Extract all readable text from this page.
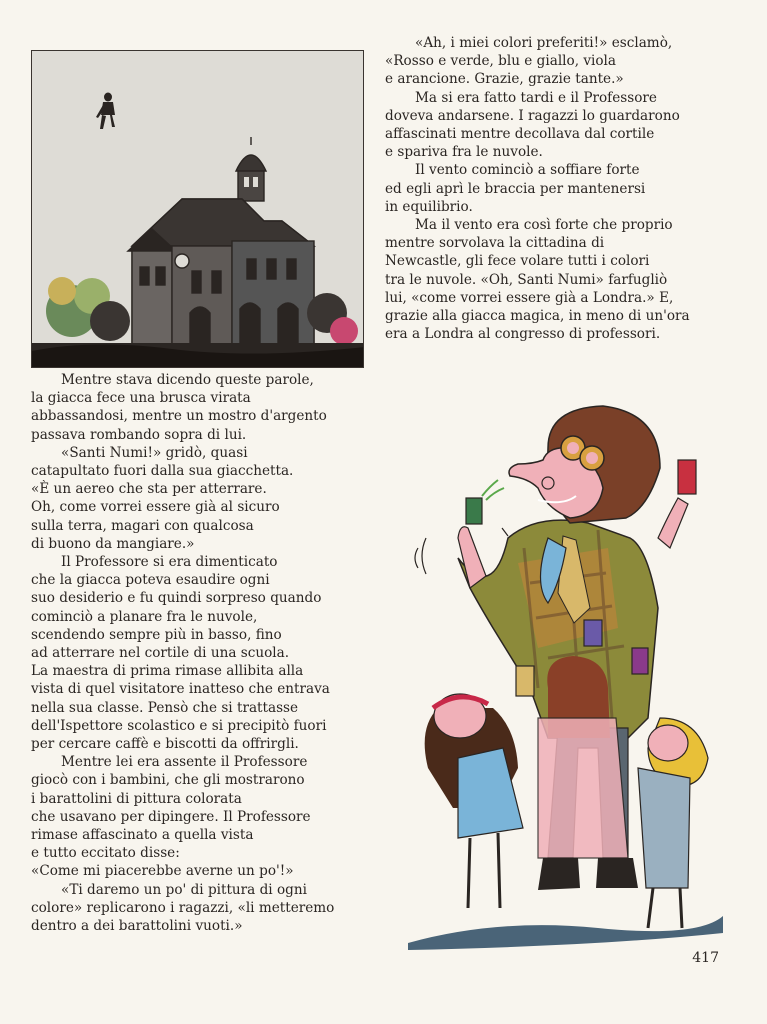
Mentre stava dicendo queste parole,

la giacca fece una brusca virata

abbassandosi, mentre un mostro d'argento

passava rombando sopra di lui.

«Santi Numi!» gridò, quasi

catapultato fuori dalla sua giacchetta.

«È un aereo che sta per atterrare.

Oh, come vorrei essere già al sicuro

sulla terra, magari con qualcosa

di buono da mangiare.»

Il Professore si era dimenticato

che la giacca poteva esaudire ogni

suo desiderio e fu quindi sorpreso quando

cominciò a planare fra le nuvole,

scendendo sempre più in basso, fino

ad atterrare nel cortile di una scuola.

La maestra di prima rimase allibita alla

vista di quel visitatore inatteso che entrava

nella sua classe. Pensò che si trattasse

dell'Ispettore scolastico e si precipitò fuori

per cercare caffè e biscotti da offrirgli.

Mentre lei era assente il Professore

giocò con i bambini, che gli mostrarono

i barattolini di pittura colorata

che usavano per dipingere. Il Professore

rimase affascinato a quella vista

e tutto eccitato disse:

«Come mi piacerebbe averne un po'!»

«Ti daremo un po' di pittura di ogni

colore» replicarono i ragazzi, «li metteremo

dentro a dei barattolini vuoti.»

«Ah, i miei colori preferiti!» esclamò,

«Rosso e verde, blu e giallo, viola

e arancione. Grazie, grazie tante.»

Ma si era fatto tardi e il Professore

doveva andarsene. I ragazzi lo guardarono

affascinati mentre decollava dal cortile

e spariva fra le nuvole.

Il vento cominciò a soffiare forte

ed egli aprì le braccia per mantenersi

in equilibrio.

Ma il vento era così forte che proprio

mentre sorvolava la cittadina di

Newcastle, gli fece volare tutti i colori

tra le nuvole. «Oh, Santi Numi» farfugliò

lui, «come vorrei essere già a Londra.» E,

grazie alla giacca magica, in meno di un'ora

era a Londra al congresso di professori.

417
